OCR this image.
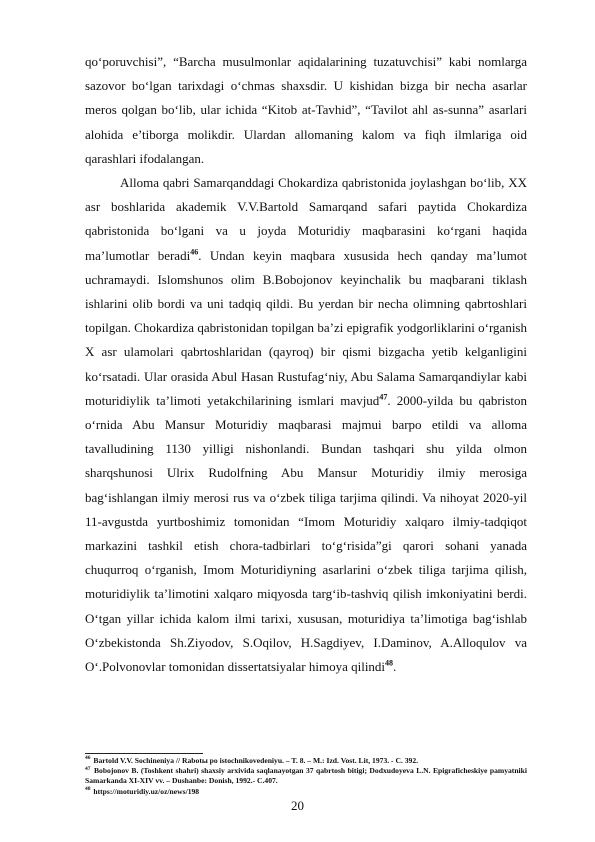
qo‘poruvchisi”, “Barcha musulmonlar aqidalarining tuzatuvchisi” kabi nomlarga sazovor bo‘lgan tarixdagi o‘chmas shaxsdir. U kishidan bizga bir necha asarlar meros qolgan bo‘lib, ular ichida “Kitob at-Tavhid”, “Tavilot ahl as-sunna” asarlari alohida e’tiborga molikdir. Ulardan allomaning kalom va fiqh ilmlariga oid qarashlari ifodalangan.

Alloma qabri Samarqanddagi Chokardiza qabristonida joylashgan bo‘lib, XX asr boshlarida akademik V.V.Bartold Samarqand safari paytida Chokardiza qabristonida bo‘lgani va u joyda Moturidiy maqbarasini ko‘rgani haqida ma’lumotlar beradi$^{46}$. Undan keyin maqbara xususida hech qanday ma’lumot uchramaydi. Islomshunos olim B.Bobojonov keyinchalik bu maqbarani tiklash ishlarini olib bordi va uni tadqiq qildi. Bu yerdan bir necha olimning qabrtoshlari topilgan. Chokardiza qabristonidan topilgan ba’zi epigrafik yodgorliklarini o‘rganish X asr ulamolari qabrtoshlaridan (qayroq) bir qismi bizgacha yetib kelganligini ko‘rsatadi. Ular orasida Abul Hasan Rustufag‘niy, Abu Salama Samarqandiylar kabi moturidiylik ta’limoti yetakchilarining ismlari mavjud$^{47}$. 2000-yilda bu qabriston o‘rnida Abu Mansur Moturidiy maqbarasi majmui barpo etildi va alloma tavalludining 1130 yilligi nishonlandi. Bundan tashqari shu yilda olmon sharqshunosi Ulrix Rudolfning Abu Mansur Moturidiy ilmiy merosiga bag‘ishlangan ilmiy merosi rus va o‘zbek tiliga tarjima qilindi. Va nihoyat 2020-yil 11-avgustda yurtboshimiz tomonidan “Imom Moturidiy xalqaro ilmiy-tadqiqot markazini tashkil etish chora-tadbirlari to‘g‘risida”gi qarori sohani yanada chuqurroq o‘rganish, Imom Moturidiyning asarlarini o‘zbek tiliga tarjima qilish, moturidiylik ta’limotini xalqaro miqyosda targ‘ib-tashviq qilish imkoniyatini berdi. O‘tgan yillar ichida kalom ilmi tarixi, xususan, moturidiya ta’limotiga bag‘ishlab O‘zbekistonda Sh.Ziyodov, S.Oqilov, H.Sagdiyev, I.Daminov, A.Alloqulov va O‘.Polvonovlar tomonidan dissertatsiyalar himoya qilindi$^{48}$.

$^{46}$ Bartold V.V. Sochineniya // Rabotы po istochnikovedeniyu. – T. 8. – M.: Izd. Vost. Lit, 1973. - C. 392.

$^{47}$ Bobojonov B. (Toshkent shahri) shaxsiy arxivida saqlanayotgan 37 qabrtosh bitigi; Dodxudoyeva L.N. Epigraficheskiye pamyatniki Samarkanda XI-XIV vv. – Dushanbe: Donish, 1992.- C.407.

$^{48}$ https://moturidiy.uz/oz/news/198

20
